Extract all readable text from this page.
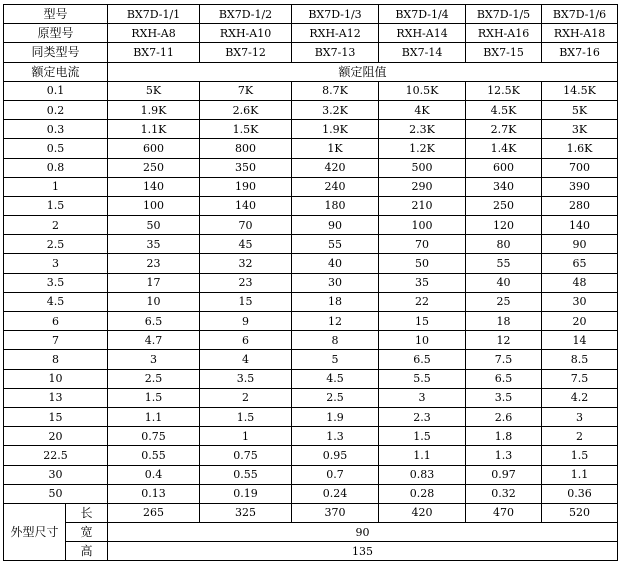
型号		BX7D-1/1	BX7D-1/2	BX7D-1/3	BX7D-1/4	BX7D-1/5	BX7D-1/6
原型号		RXH-A8	RXH-A10	RXH-A12	RXH-A14	RXH-A16	RXH-A18
同类型号		BX7-11	BX7-12	BX7-13	BX7-14	BX7-15	BX7-16
额定电流		额定阻值					
0.1		5K	7K	8.7K	10.5K	12.5K	14.5K
0.2		1.9K	2.6K	3.2K	4K	4.5K	5K
0.3		1.1K	1.5K	1.9K	2.3K	2.7K	3K
0.5		600	800	1K	1.2K	1.4K	1.6K
0.8		250	350	420	500	600	700
1		140	190	240	290	340	390
1.5		100	140	180	210	250	280
2		50	70	90	100	120	140
2.5		35	45	55	70	80	90
3		23	32	40	50	55	65
3.5		17	23	30	35	40	48
4.5		10	15	18	22	25	30
6		6.5	9	12	15	18	20
7		4.7	6	8	10	12	14
8		3	4	5	6.5	7.5	8.5
10		2.5	3.5	4.5	5.5	6.5	7.5
13		1.5	2	2.5	3	3.5	4.2
15		1.1	1.5	1.9	2.3	2.6	3
20		0.75	1	1.3	1.5	1.8	2
22.5		0.55	0.75	0.95	1.1	1.3	1.5
30		0.4	0.55	0.7	0.83	0.97	1.1
50		0.13	0.19	0.24	0.28	0.32	0.36
外型尺寸	长	265	325	370	420	470	520
	宽	90					
	高	135					
